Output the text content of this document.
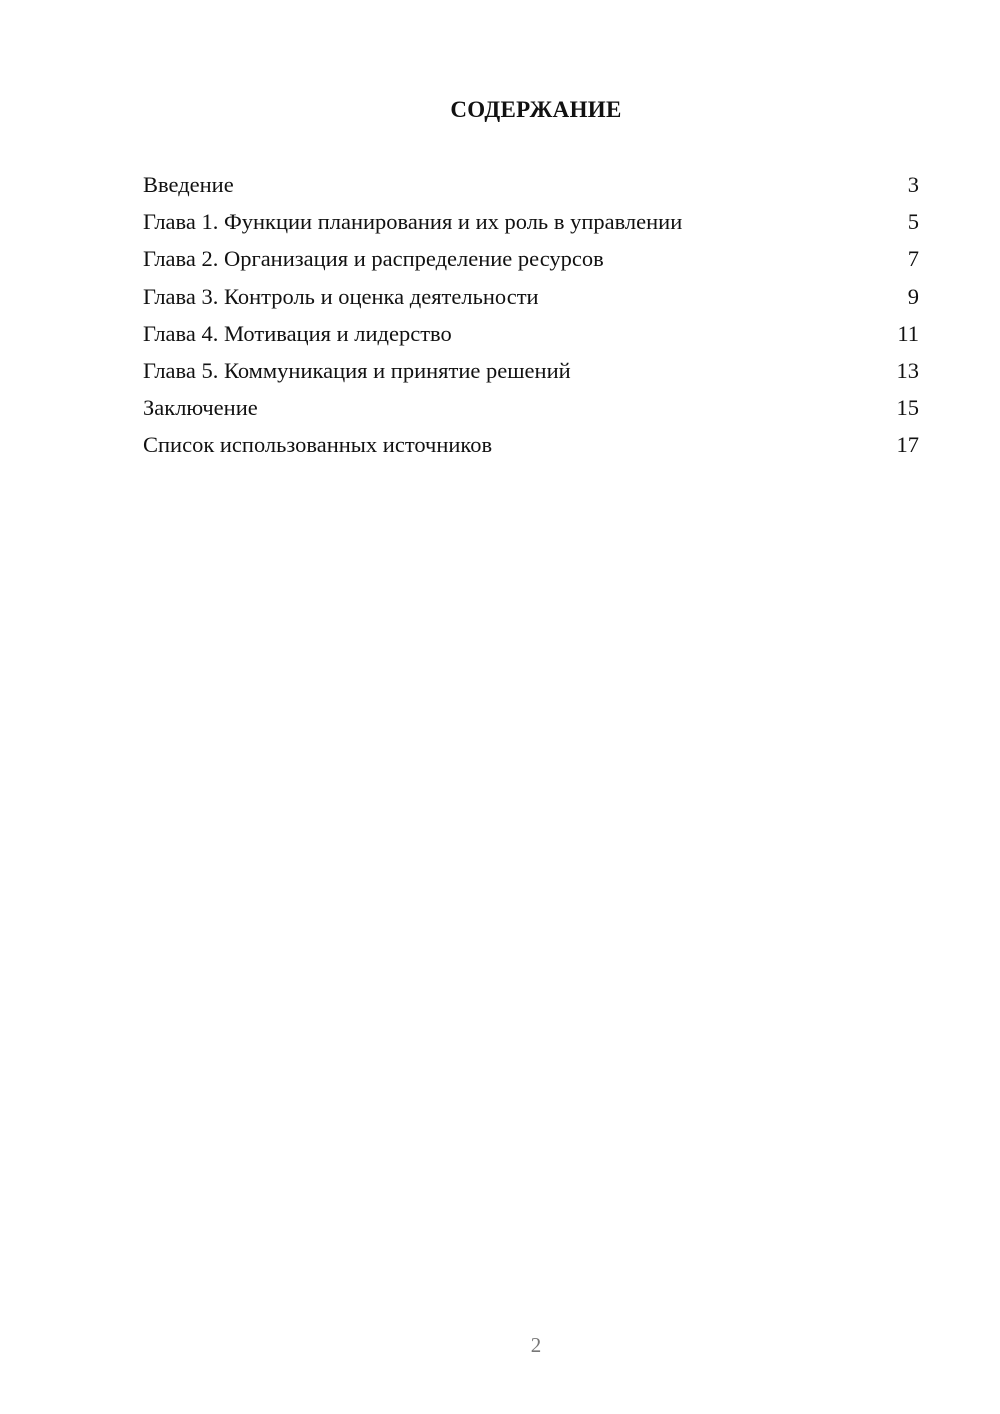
СОДЕРЖАНИЕ
Введение	3
Глава 1. Функции планирования и их роль в управлении	5
Глава 2. Организация и распределение ресурсов	7
Глава 3. Контроль и оценка деятельности	9
Глава 4. Мотивация и лидерство	11
Глава 5. Коммуникация и принятие решений	13
Заключение	15
Список использованных источников	17
2
